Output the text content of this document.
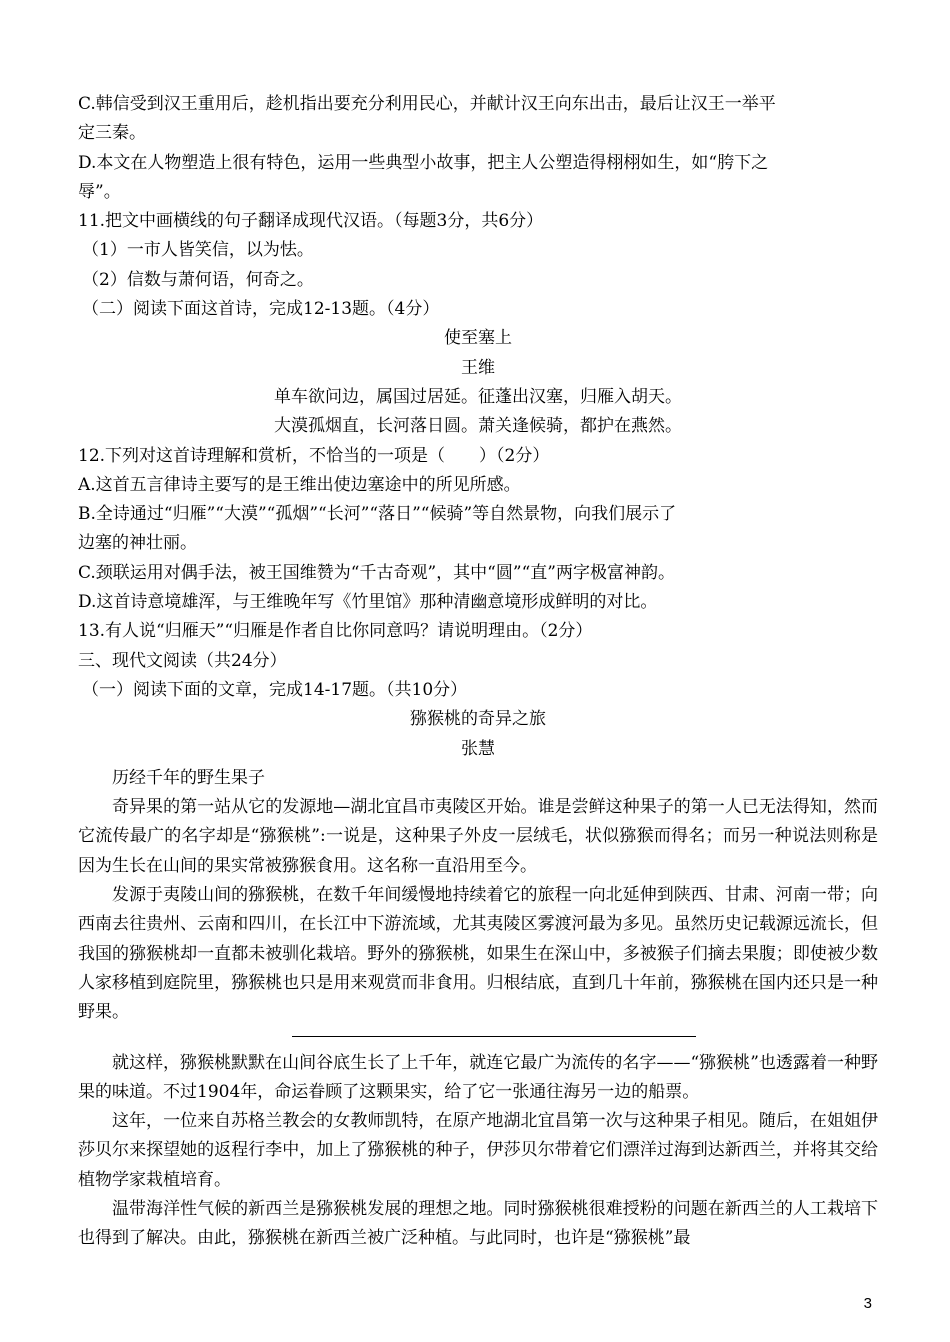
C.韩信受到汉王重用后，趁机指出要充分利用民心，并献计汉王向东出击，最后让汉王一举平
定三秦。
D.本文在人物塑造上很有特色，运用一些典型小故事，把主人公塑造得栩栩如生，如“胯下之
辱”。
11.把文中画横线的句子翻译成现代汉语。（每题3分，共6分）
（1）一市人皆笑信，以为怯。
（2）信数与萧何语，何奇之。
（二）阅读下面这首诗，完成12-13题。（4分）
使至塞上
王维
单车欲问边，属国过居延。征蓬出汉塞，归雁入胡天。
大漠孤烟直，长河落日圆。萧关逢候骑，都护在燕然。
12.下列对这首诗理解和赏析，不恰当的一项是（　　）（2分）
A.这首五言律诗主要写的是王维出使边塞途中的所见所感。
B.全诗通过“归雁”“大漠”“孤烟”“长河”“落日”“候骑”等自然景物，向我们展示了
边塞的神壮丽。
C.颈联运用对偶手法，被王国维赞为“千古奇观”，其中“圆”“直”两字极富神韵。
D.这首诗意境雄浑，与王维晚年写《竹里馆》那种清幽意境形成鲜明的对比。
13.有人说“归雁天”“归雁是作者自比你同意吗？请说明理由。（2分）
三、现代文阅读（共24分）
（一）阅读下面的文章，完成14-17题。（共10分）
猕猴桃的奇异之旅
张慧
历经千年的野生果子
奇异果的第一站从它的发源地—湖北宜昌市夷陵区开始。谁是尝鲜这种果子的第一人已无法得知，然而它流传最广的名字却是“猕猴桃”:一说是，这种果子外皮一层绒毛，状似猕猴而得名；而另一种说法则称是因为生长在山间的果实常被猕猴食用。这名称一直沿用至今。
发源于夷陵山间的猕猴桃，在数千年间缓慢地持续着它的旅程一向北延伸到陕西、甘肃、河南一带；向西南去往贵州、云南和四川，在长江中下游流域，尤其夷陵区雾渡河最为多见。虽然历史记载源远流长，但我国的猕猴桃却一直都未被驯化栽培。野外的猕猴桃，如果生在深山中，多被猴子们摘去果腹；即使被少数人家移植到庭院里，猕猴桃也只是用来观赏而非食用。归根结底，直到几十年前，猕猴桃在国内还只是一种野果。
就这样，猕猴桃默默在山间谷底生长了上千年，就连它最广为流传的名字——“猕猴桃”也透露着一种野果的味道。不过1904年，命运眷顾了这颗果实，给了它一张通往海另一边的船票。
这年，一位来自苏格兰教会的女教师凯特，在原产地湖北宜昌第一次与这种果子相见。随后，在姐姐伊莎贝尔来探望她的返程行李中，加上了猕猴桃的种子，伊莎贝尔带着它们漂洋过海到达新西兰，并将其交给植物学家栽植培育。
温带海洋性气候的新西兰是猕猴桃发展的理想之地。同时猕猴桃很难授粉的问题在新西兰的人工栽培下也得到了解决。由此，猕猴桃在新西兰被广泛种植。与此同时，也许是“猕猴桃”最
3
